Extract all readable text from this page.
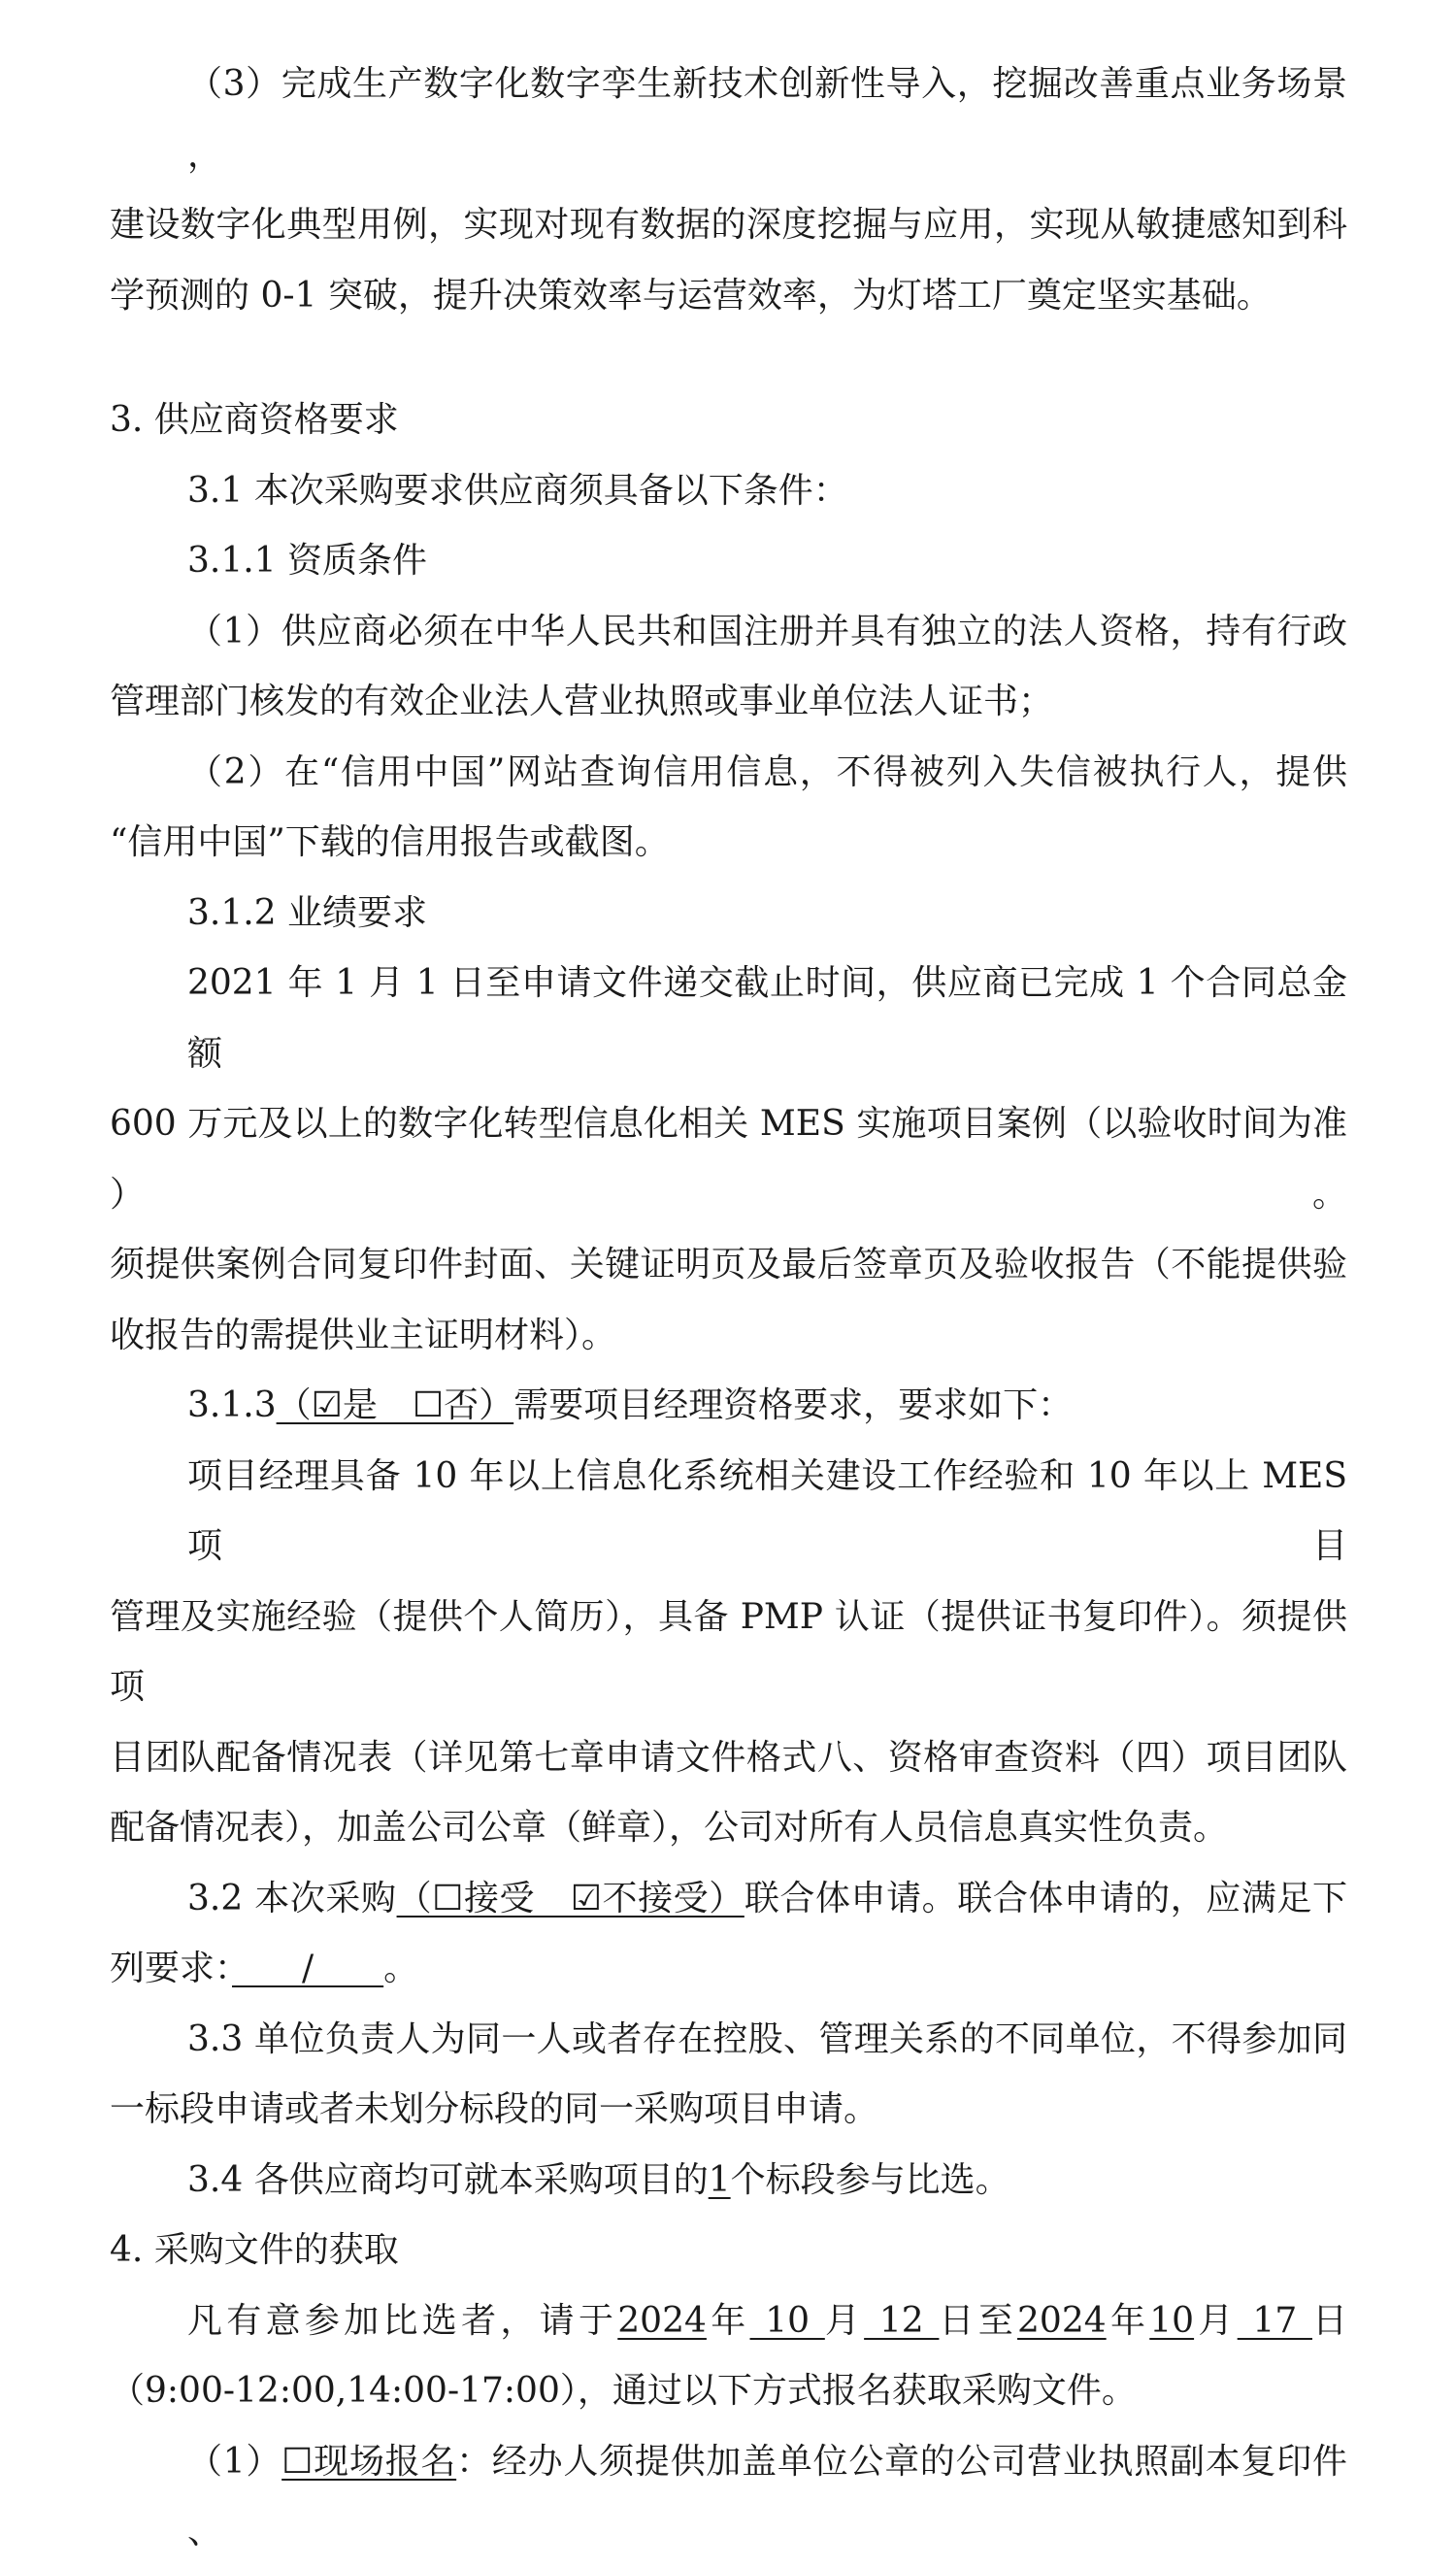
（3）完成生产数字化数字孪生新技术创新性导入，挖掘改善重点业务场景，
建设数字化典型用例，实现对现有数据的深度挖掘与应用，实现从敏捷感知到科
学预测的 0-1 突破，提升决策效率与运营效率，为灯塔工厂奠定坚实基础。
3. 供应商资格要求
3.1 本次采购要求供应商须具备以下条件：
3.1.1 资质条件
（1）供应商必须在中华人民共和国注册并具有独立的法人资格，持有行政
管理部门核发的有效企业法人营业执照或事业单位法人证书；
（2）在“信用中国”网站查询信用信息，不得被列入失信被执行人，提供
“信用中国”下载的信用报告或截图。
3.1.2 业绩要求
2021 年 1 月 1 日至申请文件递交截止时间，供应商已完成 1 个合同总金额
600 万元及以上的数字化转型信息化相关 MES 实施项目案例（以验收时间为准）。
须提供案例合同复印件封面、关键证明页及最后签章页及验收报告（不能提供验
收报告的需提供业主证明材料）。
3.1.3（☑是　☐否）需要项目经理资格要求，要求如下：
项目经理具备 10 年以上信息化系统相关建设工作经验和 10 年以上 MES 项目
管理及实施经验（提供个人简历），具备 PMP 认证（提供证书复印件）。须提供项
目团队配备情况表（详见第七章申请文件格式八、资格审查资料（四）项目团队
配备情况表），加盖公司公章（鲜章），公司对所有人员信息真实性负责。
3.2 本次采购（☐接受　☑不接受）联合体申请。联合体申请的，应满足下
列要求：　　/　　。
3.3 单位负责人为同一人或者存在控股、管理关系的不同单位，不得参加同
一标段申请或者未划分标段的同一采购项目申请。
3.4 各供应商均可就本采购项目的1个标段参与比选。
4. 采购文件的获取
凡有意参加比选者，请于2024年 10 月 12 日至2024年10月 17 日
（9:00-12:00,14:00-17:00），通过以下方式报名获取采购文件。
（1）☐现场报名：经办人须提供加盖单位公章的公司营业执照副本复印件、
